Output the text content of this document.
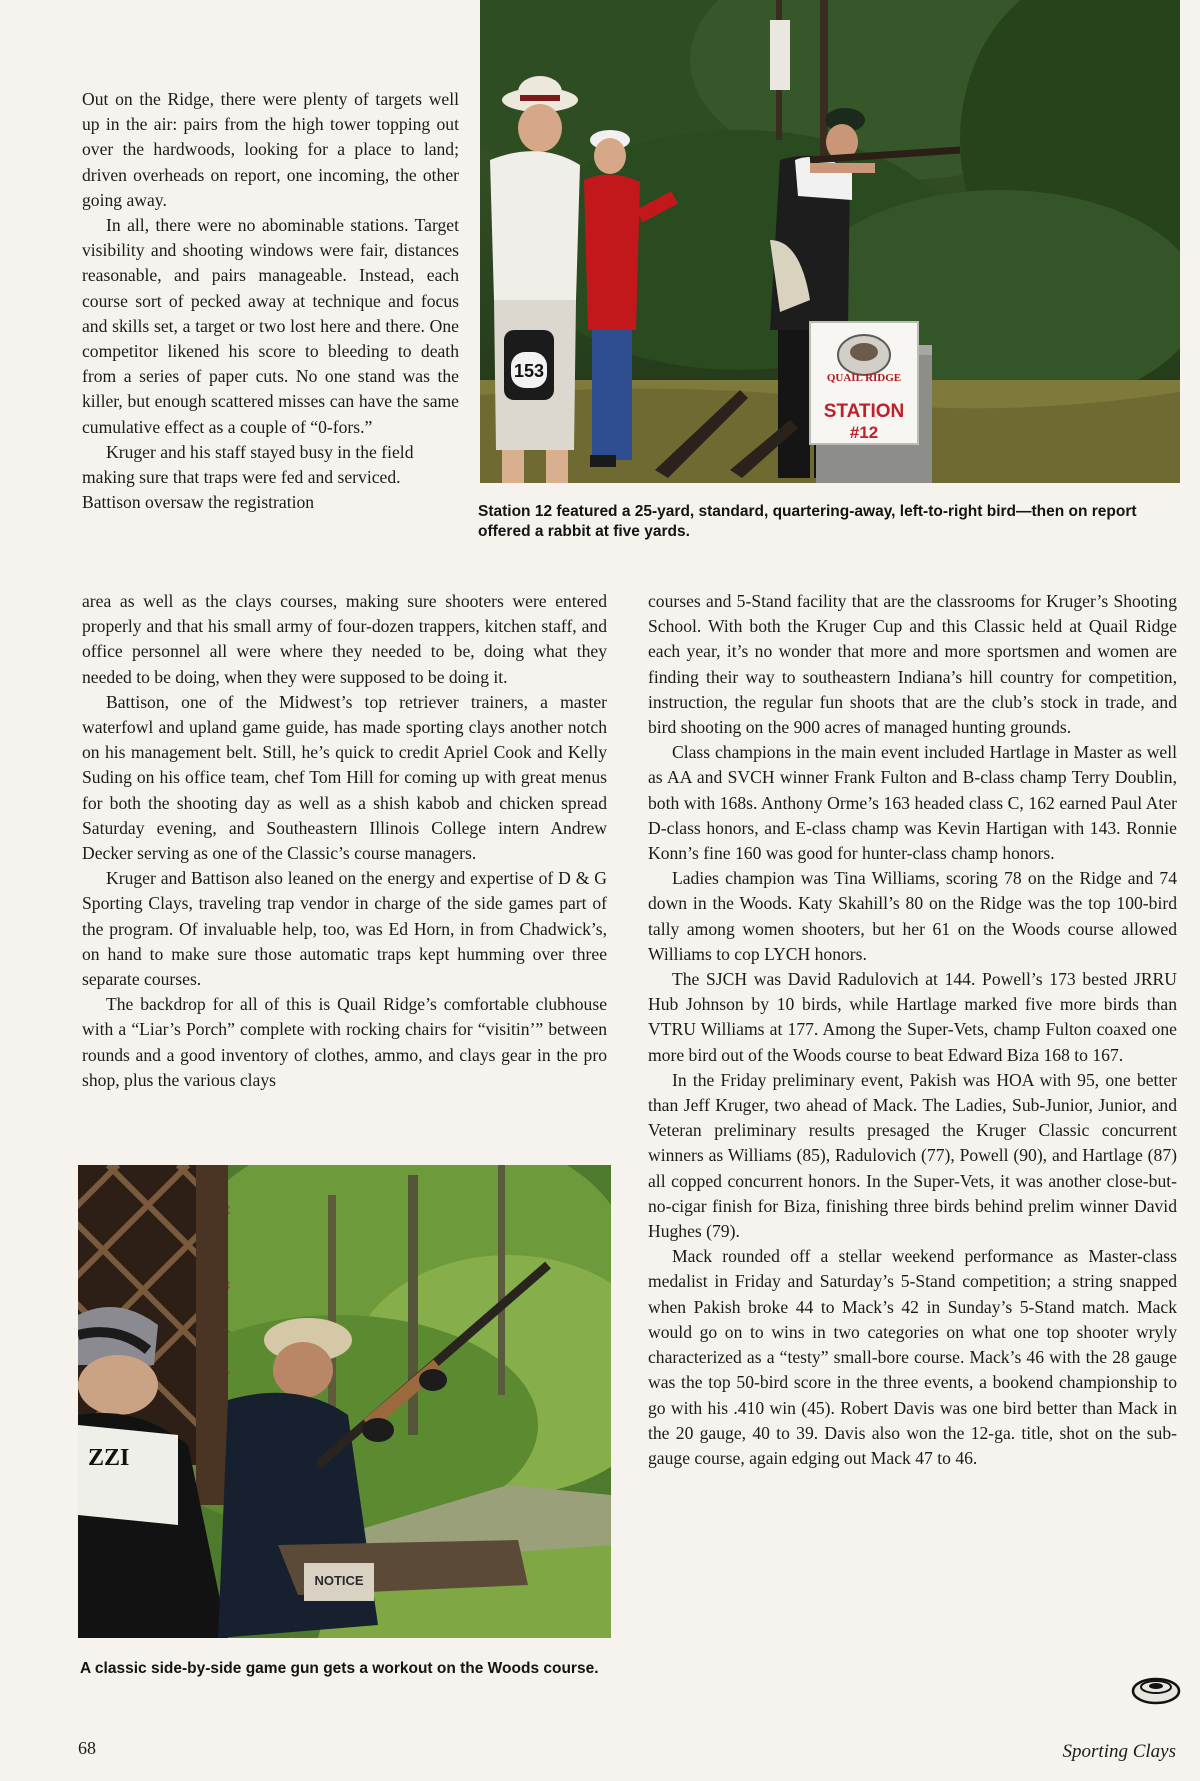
Out on the Ridge, there were plenty of targets well up in the air: pairs from the high tower topping out over the hardwoods, looking for a place to land; driven overheads on report, one incoming, the other going away.

In all, there were no abominable stations. Target visibility and shooting windows were fair, distances reasonable, and pairs manageable. Instead, each course sort of pecked away at technique and focus and skills set, a target or two lost here and there. One competitor likened his score to bleeding to death from a series of paper cuts. No one stand was the killer, but enough scattered misses can have the same cumulative effect as a couple of “0-fors.”

Kruger and his staff stayed busy in the field making sure that traps were fed and serviced. Battison oversaw the registration

area as well as the clays courses, making sure shooters were entered properly and that his small army of four-dozen trappers, kitchen staff, and office personnel all were where they needed to be, doing what they needed to be doing, when they were supposed to be doing it.

Battison, one of the Midwest’s top retriever trainers, a master waterfowl and upland game guide, has made sporting clays another notch on his management belt. Still, he’s quick to credit Apriel Cook and Kelly Suding on his office team, chef Tom Hill for coming up with great menus for both the shooting day as well as a shish kabob and chicken spread Saturday evening, and Southeastern Illinois College intern Andrew Decker serving as one of the Classic’s course managers.

Kruger and Battison also leaned on the energy and expertise of D & G Sporting Clays, traveling trap vendor in charge of the side games part of the program. Of invaluable help, too, was Ed Horn, in from Chadwick’s, on hand to make sure those automatic traps kept humming over three separate courses.

The backdrop for all of this is Quail Ridge’s comfortable clubhouse with a “Liar’s Porch” complete with rocking chairs for “visitin’” between rounds and a good inventory of clothes, ammo, and clays gear in the pro shop, plus the various clays

courses and 5-Stand facility that are the classrooms for Kruger’s Shooting School. With both the Kruger Cup and this Classic held at Quail Ridge each year, it’s no wonder that more and more sportsmen and women are finding their way to southeastern Indiana’s hill country for competition, instruction, the regular fun shoots that are the club’s stock in trade, and bird shooting on the 900 acres of managed hunting grounds.

Class champions in the main event included Hartlage in Master as well as AA and SVCH winner Frank Fulton and B-class champ Terry Doublin, both with 168s. Anthony Orme’s 163 headed class C, 162 earned Paul Ater D-class honors, and E-class champ was Kevin Hartigan with 143. Ronnie Konn’s fine 160 was good for hunter-class champ honors.

Ladies champion was Tina Williams, scoring 78 on the Ridge and 74 down in the Woods. Katy Skahill’s 80 on the Ridge was the top 100-bird tally among women shooters, but her 61 on the Woods course allowed Williams to cop LYCH honors.

The SJCH was David Radulovich at 144. Powell’s 173 bested JRRU Hub Johnson by 10 birds, while Hartlage marked five more birds than VTRU Williams at 177. Among the Super-Vets, champ Fulton coaxed one more bird out of the Woods course to beat Edward Biza 168 to 167.

In the Friday preliminary event, Pakish was HOA with 95, one better than Jeff Kruger, two ahead of Mack. The Ladies, Sub-Junior, Junior, and Veteran preliminary results presaged the Kruger Classic concurrent winners as Williams (85), Radulovich (77), Powell (90), and Hartlage (87) all copped concurrent honors. In the Super-Vets, it was another close-but-no-cigar finish for Biza, finishing three birds behind prelim winner David Hughes (79).

Mack rounded off a stellar weekend performance as Master-class medalist in Friday and Saturday’s 5-Stand competition; a string snapped when Pakish broke 44 to Mack’s 42 in Sunday’s 5-Stand match. Mack would go on to wins in two categories on what one top shooter wryly characterized as a “testy” small-bore course. Mack’s 46 with the 28 gauge was the top 50-bird score in the three events, a bookend championship to go with his .410 win (45). Robert Davis was one bird better than Mack in the 20 gauge, 40 to 39. Davis also won the 12-ga. title, shot on the sub-gauge course, again edging out Mack 47 to 46.

153	QUAIL RIDGE
STATION
#12
Station 12 featured a 25-yard, standard, quartering-away, left-to-right bird—then on report offered a rabbit at five yards.
ZZI
NOTICE
A classic side-by-side game gun gets a workout on the Woods course.
68	Sporting Clays
